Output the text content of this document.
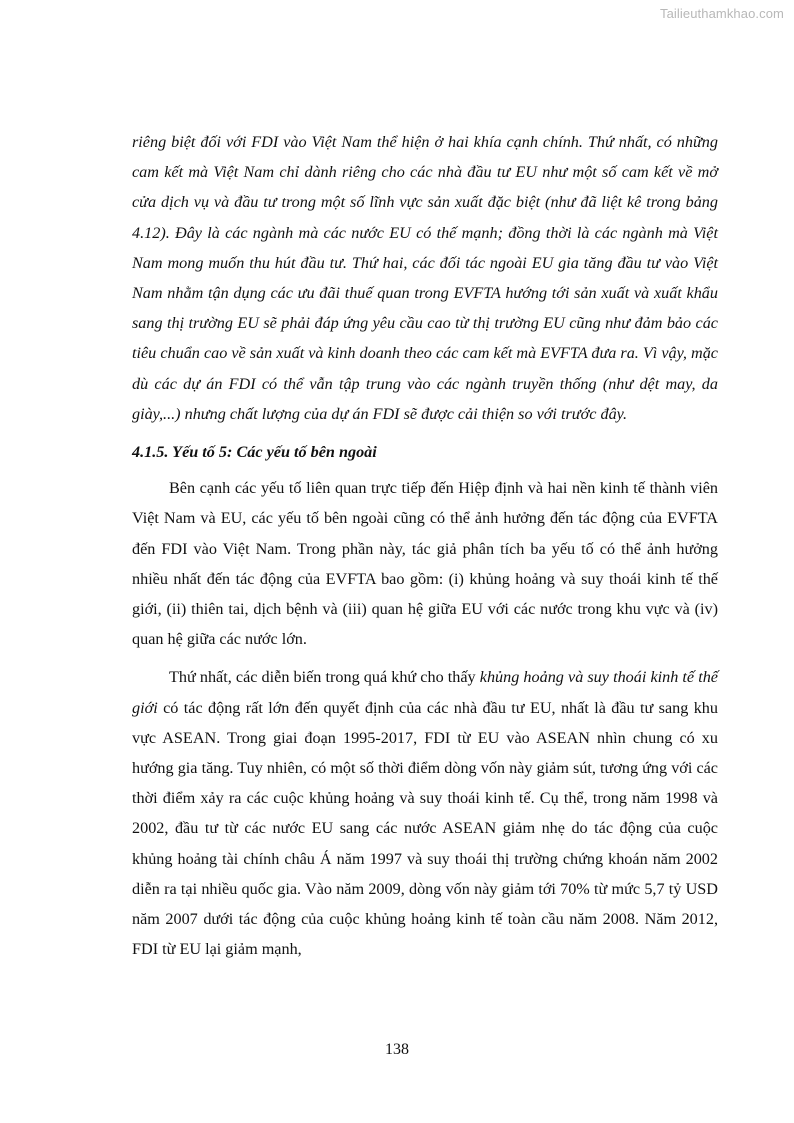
Tailieuthamkhao.com

riêng biệt đối với FDI vào Việt Nam thể hiện ở hai khía cạnh chính. Thứ nhất, có những cam kết mà Việt Nam chỉ dành riêng cho các nhà đầu tư EU như một số cam kết về mở cửa dịch vụ và đầu tư trong một số lĩnh vực sản xuất đặc biệt (như đã liệt kê trong bảng 4.12). Đây là các ngành mà các nước EU có thế mạnh; đồng thời là các ngành mà Việt Nam mong muốn thu hút đầu tư. Thứ hai, các đối tác ngoài EU gia tăng đầu tư vào Việt Nam nhằm tận dụng các ưu đãi thuế quan trong EVFTA hướng tới sản xuất và xuất khẩu sang thị trường EU sẽ phải đáp ứng yêu cầu cao từ thị trường EU cũng như đảm bảo các tiêu chuẩn cao về sản xuất và kinh doanh theo các cam kết mà EVFTA đưa ra. Vì vậy, mặc dù các dự án FDI có thể vẫn tập trung vào các ngành truyền thống (như dệt may, da giày,...) nhưng chất lượng của dự án FDI sẽ được cải thiện so với trước đây.

4.1.5. Yếu tố 5: Các yếu tố bên ngoài

Bên cạnh các yếu tố liên quan trực tiếp đến Hiệp định và hai nền kinh tế thành viên Việt Nam và EU, các yếu tố bên ngoài cũng có thể ảnh hưởng đến tác động của EVFTA đến FDI vào Việt Nam. Trong phần này, tác giả phân tích ba yếu tố có thể ảnh hưởng nhiều nhất đến tác động của EVFTA bao gồm: (i) khủng hoảng và suy thoái kinh tế thế giới, (ii) thiên tai, dịch bệnh và (iii) quan hệ giữa EU với các nước trong khu vực và (iv) quan hệ giữa các nước lớn.

Thứ nhất, các diễn biến trong quá khứ cho thấy khủng hoảng và suy thoái kinh tế thế giới có tác động rất lớn đến quyết định của các nhà đầu tư EU, nhất là đầu tư sang khu vực ASEAN. Trong giai đoạn 1995-2017, FDI từ EU vào ASEAN nhìn chung có xu hướng gia tăng. Tuy nhiên, có một số thời điểm dòng vốn này giảm sút, tương ứng với các thời điểm xảy ra các cuộc khủng hoảng và suy thoái kinh tế. Cụ thể, trong năm 1998 và 2002, đầu tư từ các nước EU sang các nước ASEAN giảm nhẹ do tác động của cuộc khủng hoảng tài chính châu Á năm 1997 và suy thoái thị trường chứng khoán năm 2002 diễn ra tại nhiều quốc gia. Vào năm 2009, dòng vốn này giảm tới 70% từ mức 5,7 tỷ USD năm 2007 dưới tác động của cuộc khủng hoảng kinh tế toàn cầu năm 2008. Năm 2012, FDI từ EU lại giảm mạnh,

138
